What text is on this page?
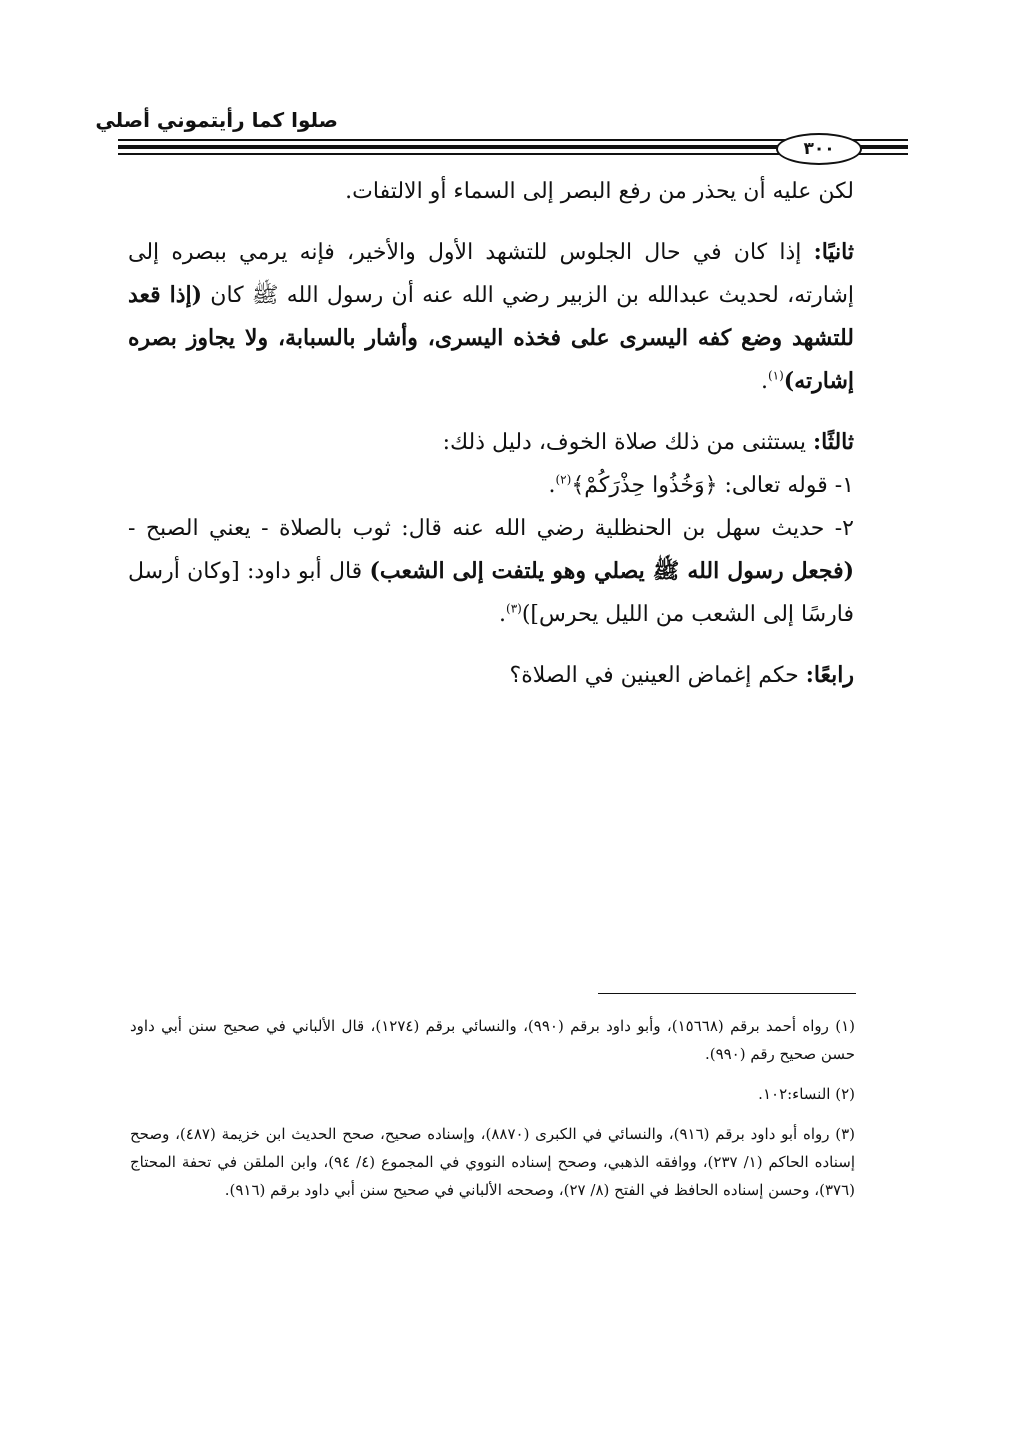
صلوا كما رأيتموني أصلي
٣٠٠

لكن عليه أن يحذر من رفع البصر إلى السماء أو الالتفات.

ثانيًا: إذا كان في حال الجلوس للتشهد الأول والأخير، فإنه يرمي ببصره إلى إشارته، لحديث عبدالله بن الزبير رضي الله عنه أن رسول الله ﷺ كان (إذا قعد للتشهد وضع كفه اليسرى على فخذه اليسرى، وأشار بالسبابة، ولا يجاوز بصره إشارته)$^{(١)}$.

ثالثًا: يستثنى من ذلك صلاة الخوف، دليل ذلك:

١- قوله تعالى: ﴿وَخُذُوا حِذْرَكُمْ﴾$^{(٢)}$.

٢- حديث سهل بن الحنظلية رضي الله عنه قال: ثوب بالصلاة - يعني الصبح - (فجعل رسول الله ﷺ يصلي وهو يلتفت إلى الشعب) قال أبو داود: [وكان أرسل فارسًا إلى الشعب من الليل يحرس])$^{(٣)}$.

رابعًا: حكم إغماض العينين في الصلاة؟

(١) رواه أحمد برقم (١٥٦٦٨)، وأبو داود برقم (٩٩٠)، والنسائي برقم (١٢٧٤)، قال الألباني في صحيح سنن أبي داود حسن صحيح رقم (٩٩٠).

(٢) النساء:١٠٢.

(٣) رواه أبو داود برقم (٩١٦)، والنسائي في الكبرى (٨٨٧٠)، وإسناده صحيح، صحح الحديث ابن خزيمة (٤٨٧)، وصحح إسناده الحاكم (١/ ٢٣٧)، ووافقه الذهبي، وصحح إسناده النووي في المجموع (٤/ ٩٤)، وابن الملقن في تحفة المحتاج (٣٧٦)، وحسن إسناده الحافظ في الفتح (٨/ ٢٧)، وصححه الألباني في صحيح سنن أبي داود برقم (٩١٦).
